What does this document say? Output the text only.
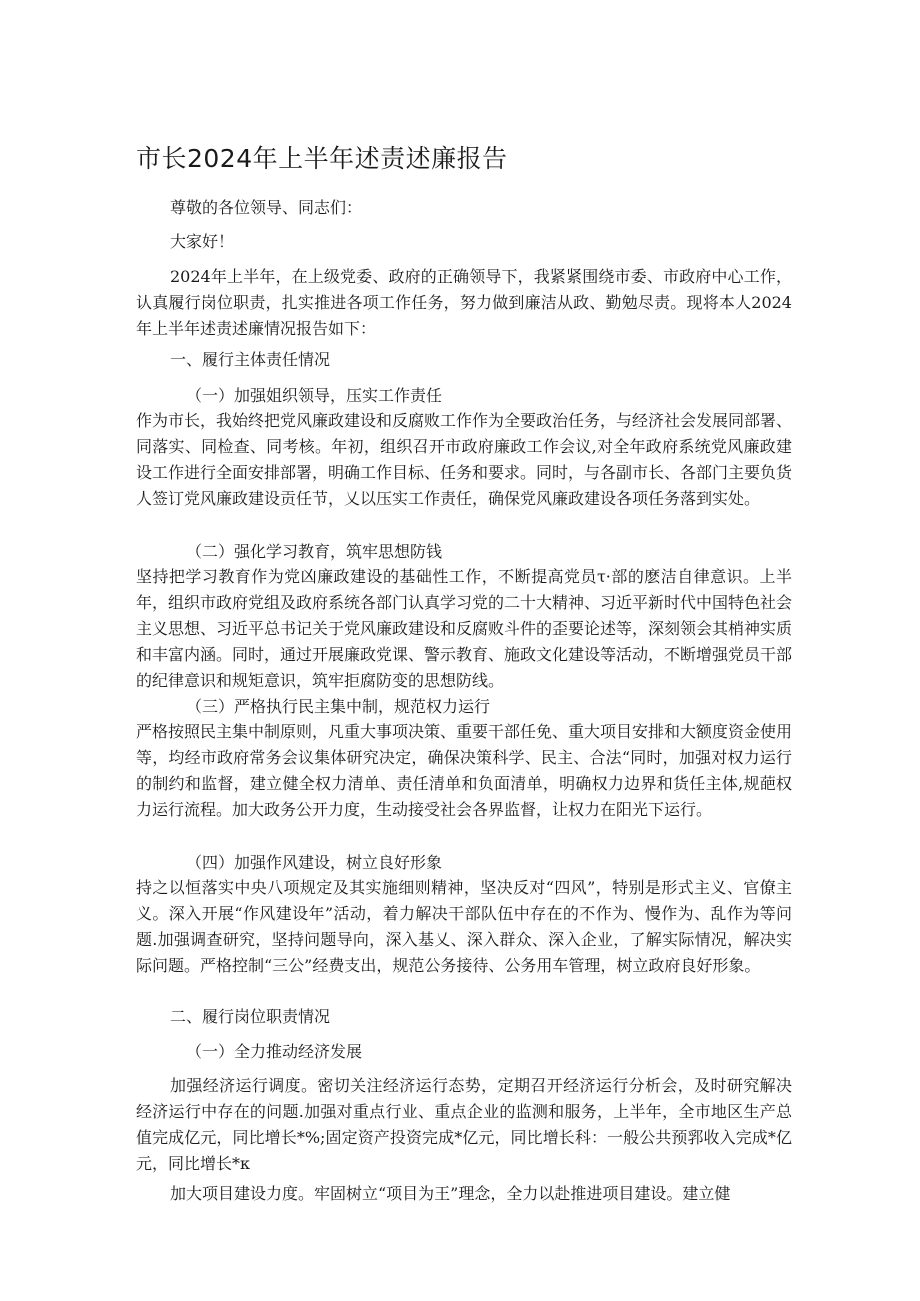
市长2024年上半年述责述廉报告

尊敬的各位领导、同志们：

大家好！

2024年上半年，在上级党委、政府的正确领导下，我紧紧围绕市委、市政府中心工作，认真履行岗位职责，扎实推进各项工作任务，努力做到廉洁从政、勤勉尽责。现将本人2024年上半年述责述廉情况报告如下：

一、履行主体责任情况

（一）加强姐织领导，压实工作责任

作为市长，我始终把党风廉政建设和反腐败工作作为全要政治任务，与经济社会发展同部署、同落实、同检查、同考核。年初，组织召开市政府廉政工作会议,对全年政府系统党风廉政建设工作进行全面安排部署，明确工作目标、任务和要求。同时，与各副市长、各部门主要负货人签订党风廉政建设贡任节，乂以压实工作责任，确保党风廉政建设各项任务落到实处。

（二）强化学习教育，筑牢思想防钱

坚持把学习教育作为党凶廉政建设的基础性工作，不断提高党员τ·部的麽洁自律意识。上半年，组织市政府党组及政府系统各部门认真学习党的二十大精神、习近平新时代中国特色社会主义思想、习近平总书记关于党风廉政建设和反腐败斗件的歪要论述等，深刻领会其梢神实质和丰富内涵。同时，通过开展廉政党课、警示教育、施政文化建设等活动，不断增强党员干部的纪律意识和规矩意识，筑牢拒腐防变的思想防线。

（三）严格执行民主集中制，规范权力运行

严格按照民主集中制原则，凡重大事项决策、重要干部任免、重大项目安排和大额度资金使用等，均经市政府常务会议集体研究决定，确保决策科学、民主、合法“同时，加强对权力运行的制约和监督，建立健全权力清单、责任清单和负面清单，明确权力边界和货任主体,规葩权力运行流程。加大政务公开力度，生动接受社会各界监督，让权力在阳光下运行。

（四）加强作风建设，树立良好形象

持之以恒落实中央八项规定及其实施细则精神，坚决反对“四风”，特别是形式主义、官僚主义。深入开展“作风建设年”活动，着力解决干部队伍中存在的不作为、慢作为、乱作为等问题.加强调查研究，坚持问题导向，深入基乂、深入群众、深入企业，了解实际情况，解决实际问题。严格控制“三公”经费支出，规范公务接待、公务用车管理，树立政府良好形象。

二、履行岗位职责情况

（一）全力推动经济发展

加强经济运行调度。密切关注经济运行态势，定期召开经济运行分析会，及时研究解决经济运行中存在的问题.加强对重点行业、重点企业的监测和服务，上半年，全市地区生产总值完成亿元，同比增长*%;固定资产投资完成*亿元，同比增长科：一般公共预郛收入完成*亿元，同比增长*κ

加大项目建设力度。牢固树立“项目为王”理念，全力以赴推进项目建设。建立健
